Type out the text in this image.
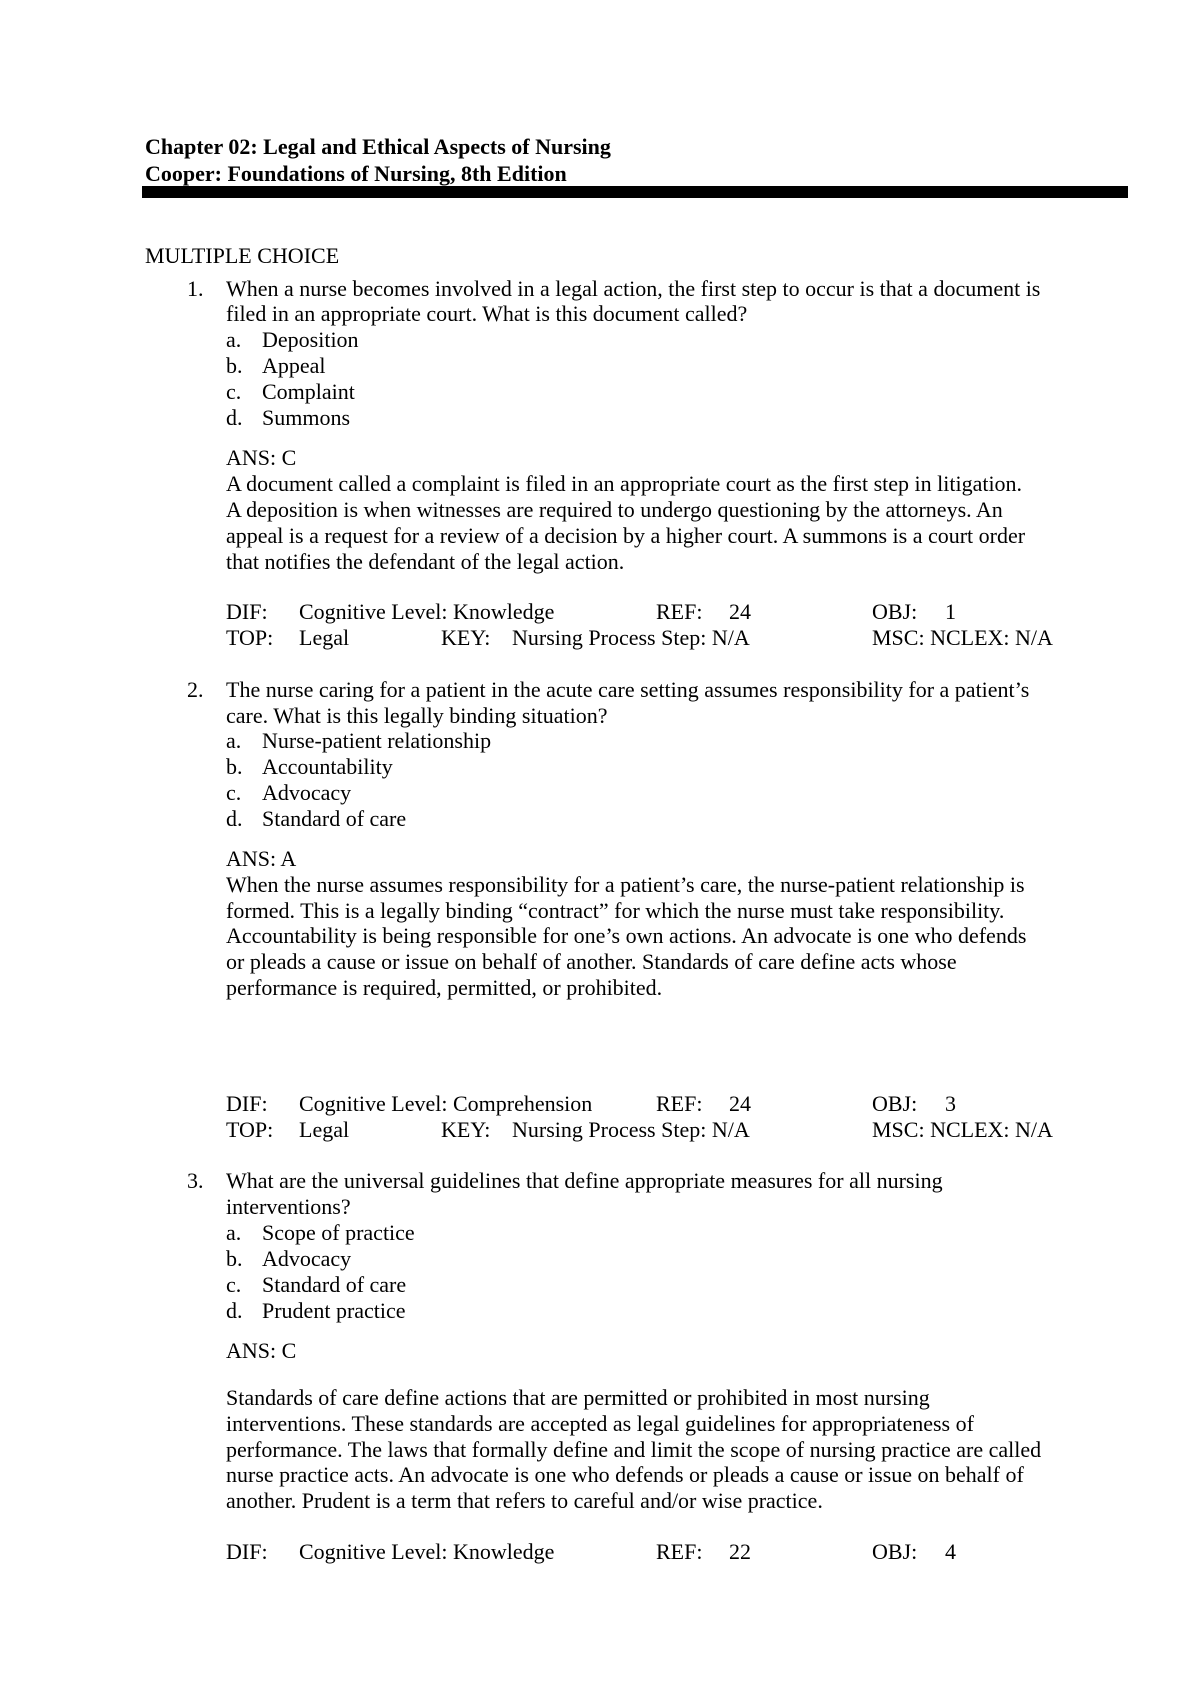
Chapter 02: Legal and Ethical Aspects of Nursing
Cooper: Foundations of Nursing, 8th Edition
MULTIPLE CHOICE
1. When a nurse becomes involved in a legal action, the first step to occur is that a document is
filed in an appropriate court. What is this document called?
a. Deposition
b. Appeal
c. Complaint
d. Summons
ANS: C
A document called a complaint is filed in an appropriate court as the first step in litigation.
A deposition is when witnesses are required to undergo questioning by the attorneys. An
appeal is a request for a review of a decision by a higher court. A summons is a court order
that notifies the defendant of the legal action.
DIF: Cognitive Level: Knowledge	REF: 24	OBJ: 1
TOP: Legal	KEY: Nursing Process Step: N/A	MSC: NCLEX: N/A
2. The nurse caring for a patient in the acute care setting assumes responsibility for a patient’s
care. What is this legally binding situation?
a. Nurse-patient relationship
b. Accountability
c. Advocacy
d. Standard of care
ANS: A
When the nurse assumes responsibility for a patient’s care, the nurse-patient relationship is
formed. This is a legally binding “contract” for which the nurse must take responsibility.
Accountability is being responsible for one’s own actions. An advocate is one who defends
or pleads a cause or issue on behalf of another. Standards of care define acts whose
performance is required, permitted, or prohibited.
DIF: Cognitive Level: Comprehension	REF: 24	OBJ: 3
TOP: Legal	KEY: Nursing Process Step: N/A	MSC: NCLEX: N/A
3. What are the universal guidelines that define appropriate measures for all nursing
interventions?
a. Scope of practice
b. Advocacy
c. Standard of care
d. Prudent practice
ANS: C
Standards of care define actions that are permitted or prohibited in most nursing
interventions. These standards are accepted as legal guidelines for appropriateness of
performance. The laws that formally define and limit the scope of nursing practice are called
nurse practice acts. An advocate is one who defends or pleads a cause or issue on behalf of
another. Prudent is a term that refers to careful and/or wise practice.
DIF: Cognitive Level: Knowledge	REF: 22	OBJ: 4
